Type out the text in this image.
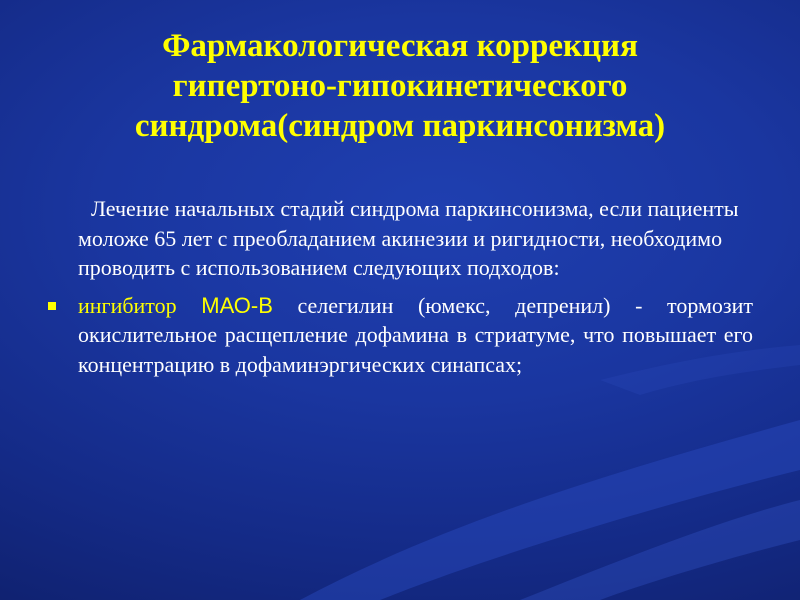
Фармакологическая коррекция
гипертоно-гипокинетического
синдрома(синдром паркинсонизма)

Лечение начальных стадий синдрома паркинсонизма, если пациенты моложе 65 лет с преобладанием акинезии и ригидности, необходимо проводить с использованием следующих подходов:

ингибитор МАО-В селегилин (юмекс, депренил) - тормозит окислительное расщепление дофамина в стриатуме, что повышает его концентрацию в дофаминэргических синапсах;
